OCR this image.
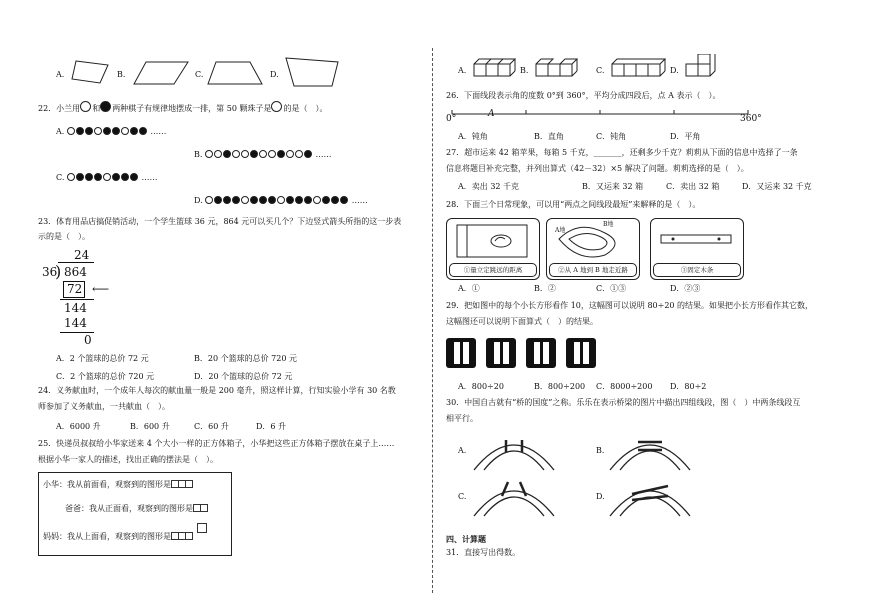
A.	B.	C.	D.
22．小兰用 和 两种棋子有规律地摆成一排，第 50 颗珠子是 的是（　）。
A.	……
B.	……
C.	……
D.	……
23．体育用品店搞促销活动，一个学生篮球 36 元，864 元可以买几个？下边竖式箭头所指的这一步表
示的是（　）。
24
36
) 864
72 ⟵
144
144
0
A．2 个篮球的总价 72 元	B．20 个篮球的总价 720 元
C．2 个篮球的总价 720 元	D．20 个篮球的总价 72 元
24．义务献血时，一个成年人每次的献血量一般是 200 毫升，照这样计算，行知实验小学有 30 名教
师参加了义务献血，一共献血（　）。
A．6000 升	B．600 升	C．60 升	D．6 升
25．快递员叔叔给小华家送来 4 个大小一样的正方体箱子，小华把这些正方体箱子摆放在桌子上……
根据小华一家人的描述，找出正确的摆法是（　）。
小华：我从前面看，观察到的图形是
爸爸：我从正面看，观察到的图形是
妈妈：我从上面看，观察到的图形是
A.	B.	C.	D.
26．下面线段表示角的度数 0°到 360°，平均分成四段后，点 A 表示（　）。
0°	A	360°
A．钝角	B．直角	C．钝角	D．平角
27．超市运来 42 箱苹果，每箱 5 千克，_______，还剩多少千克？莉莉从下面的信息中选择了一条
信息将题目补充完整，并列出算式（42－32）×5 解决了问题。莉莉选择的是（　）。
A．卖出 32 千克	B．又运来 32 箱	C．卖出 32 箱	D．又运来 32 千克
28．下面三个日常现象，可以用“两点之间线段最短”来解释的是（　）。
①量立定跳远的距离
A地
B地
②从 A 地到 B 地走近路	③固定木条
A．①	B．②	C．①③	D．②③
29．把如图中的每个小长方形看作 10，这幅图可以说明 80÷20 的结果。如果把小长方形看作其它数，
这幅图还可以说明下面算式（　）的结果。
A．800÷20	B．800÷200 C．8000÷200 D．80÷2
30．中国自古就有“桥的国度”之称。乐乐在表示桥梁的图片中描出四组线段，图（　）中两条线段互
相平行。
A.	B.
C.	D.
四、计算题
31．直接写出得数。
